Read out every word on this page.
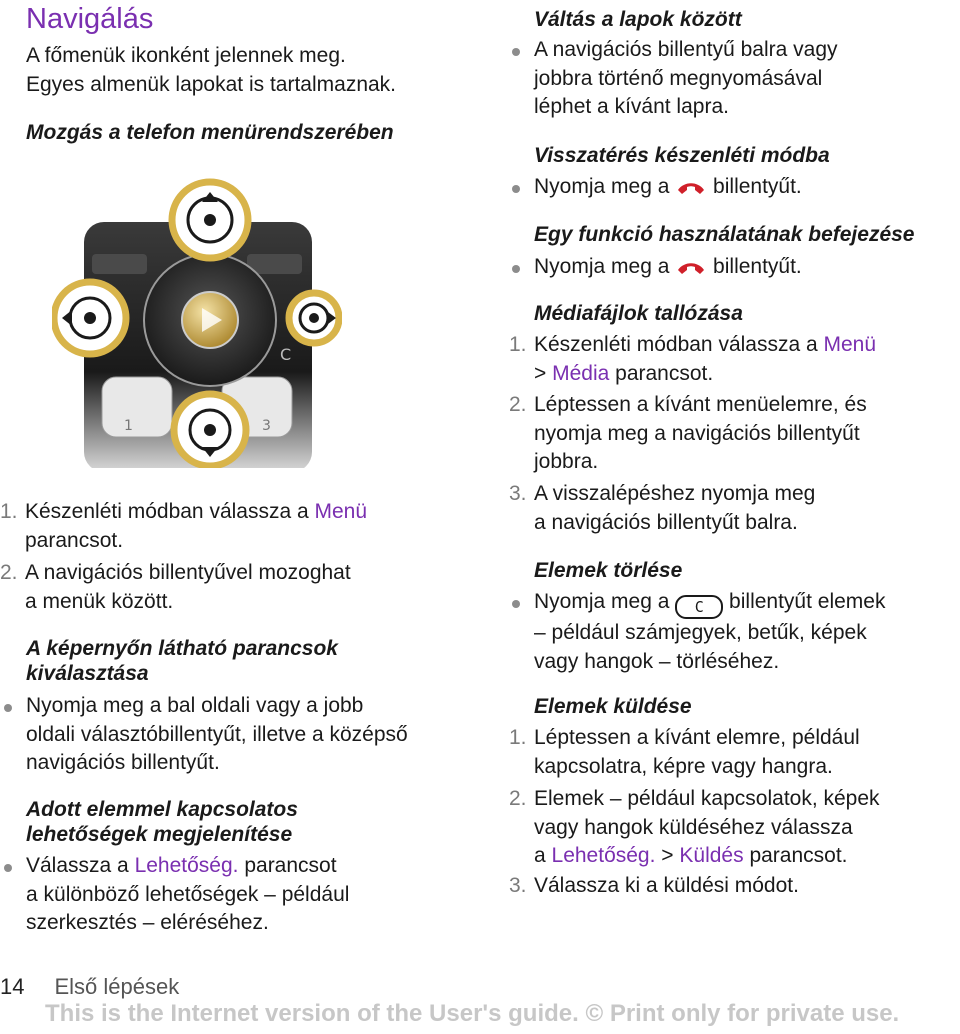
Navigálás

A főmenük ikonként jelennek meg.

Egyes almenük lapokat is tartalmaznak.

Mozgás a telefon menürendszerében

1	3
C
1. Készenléti módban válassza a Menü
parancsot.
2. A navigációs billentyűvel mozoghat
a menük között.

A képernyőn látható parancsok
kiválasztása

Nyomja meg a bal oldali vagy a jobb
oldali választóbillentyűt, illetve a középső
navigációs billentyűt.

Adott elemmel kapcsolatos
lehetőségek megjelenítése

Válassza a Lehetőség. parancsot
a különböző lehetőségek – például
szerkesztés – eléréséhez.

Váltás a lapok között

A navigációs billentyű balra vagy
jobbra történő megnyomásával
léphet a kívánt lapra.

Visszatérés készenléti módba

Nyomja meg a  billentyűt.

Egy funkció használatának befejezése

Nyomja meg a  billentyűt.

Médiafájlok tallózása

1. Készenléti módban válassza a Menü
> Média parancsot.
2. Léptessen a kívánt menüelemre, és
nyomja meg a navigációs billentyűt
jobbra.
3. A visszalépéshez nyomja meg
a navigációs billentyűt balra.

Elemek törlése

Nyomja meg a C billentyűt elemek
– például számjegyek, betűk, képek
vagy hangok – törléséhez.

Elemek küldése

1. Léptessen a kívánt elemre, például
kapcsolatra, képre vagy hangra.
2. Elemek – például kapcsolatok, képek
vagy hangok küldéséhez válassza
a Lehetőség. > Küldés parancsot.
3. Válassza ki a küldési módot.
14 Első lépések
This is the Internet version of the User's guide. © Print only for private use.
